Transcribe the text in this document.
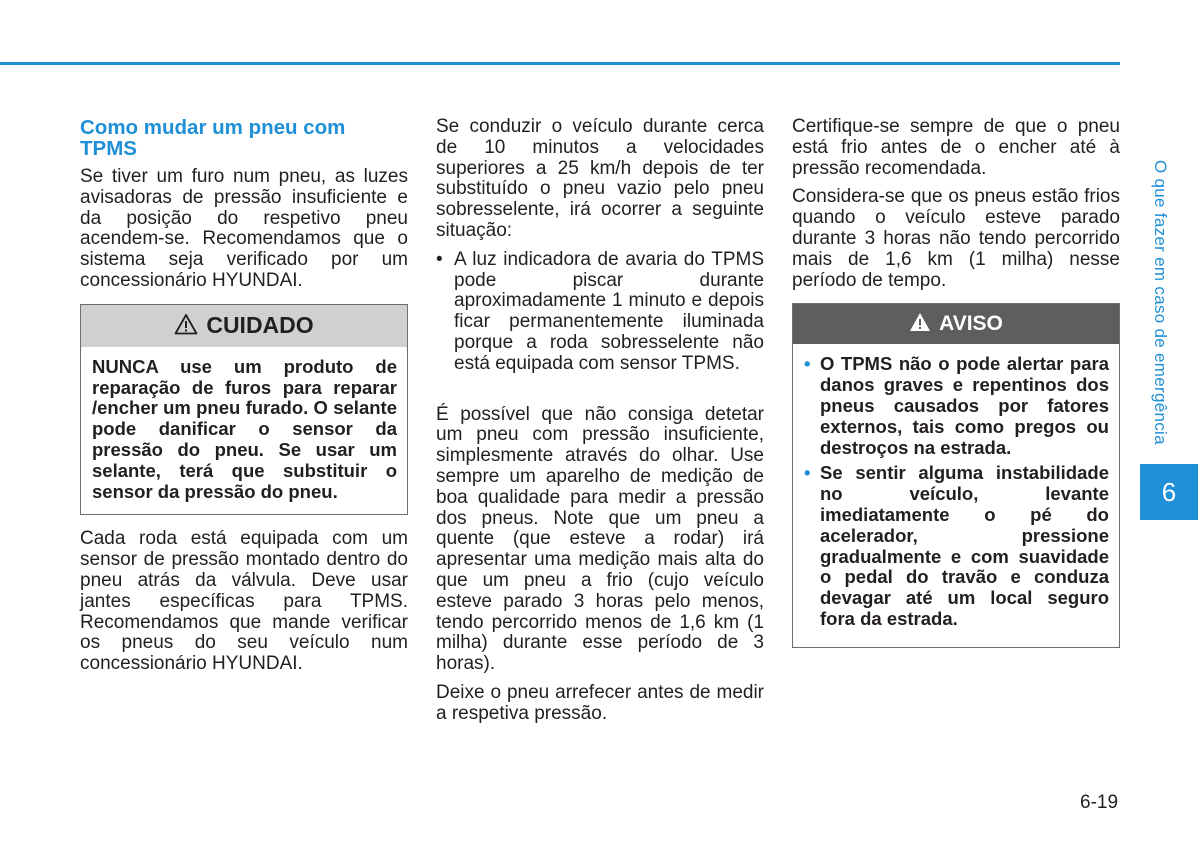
Como mudar um pneu com TPMS

Se tiver um furo num pneu, as luzes avisadoras de pressão insuficiente e da posição do respetivo pneu acendem-se. Recomendamos que o sistema seja verificado por um concessionário HYUNDAI.

CUIDADO

NUNCA use um produto de reparação de furos para reparar /encher um pneu furado. O selante pode danificar o sensor da pressão do pneu. Se usar um selante, terá que substituir o sensor da pressão do pneu.

Cada roda está equipada com um sensor de pressão montado dentro do pneu atrás da válvula. Deve usar jantes específicas para TPMS. Recomendamos que mande verificar os pneus do seu veículo num concessionário HYUNDAI.

Se conduzir o veículo durante cerca de 10 minutos a velocidades superiores a 25 km/h depois de ter substituído o pneu vazio pelo pneu sobresselente, irá ocorrer a seguinte situação:

• A luz indicadora de avaria do TPMS pode piscar durante aproximadamente 1 minuto e depois ficar permanentemente iluminada porque a roda sobresselente não está equipada com sensor TPMS.

É possível que não consiga detetar um pneu com pressão insuficiente, simplesmente através do olhar. Use sempre um aparelho de medição de boa qualidade para medir a pressão dos pneus. Note que um pneu a quente (que esteve a rodar) irá apresentar uma medição mais alta do que um pneu a frio (cujo veículo esteve parado 3 horas pelo menos, tendo percorrido menos de 1,6 km (1 milha) durante esse período de 3 horas).

Deixe o pneu arrefecer antes de medir a respetiva pressão.

Certifique-se sempre de que o pneu está frio antes de o encher até à pressão recomendada.

Considera-se que os pneus estão frios quando o veículo esteve parado durante 3 horas não tendo percorrido mais de 1,6 km (1 milha) nesse período de tempo.

AVISO
• O TPMS não o pode alertar para danos graves e repentinos dos pneus causados por fatores externos, tais como pregos ou destroços na estrada.
• Se sentir alguma instabilidade no veículo, levante imediatamente o pé do acelerador, pressione gradualmente e com suavidade o pedal do travão e conduza devagar até um local seguro fora da estrada.
O que fazer em caso de emergência
6
6-19
